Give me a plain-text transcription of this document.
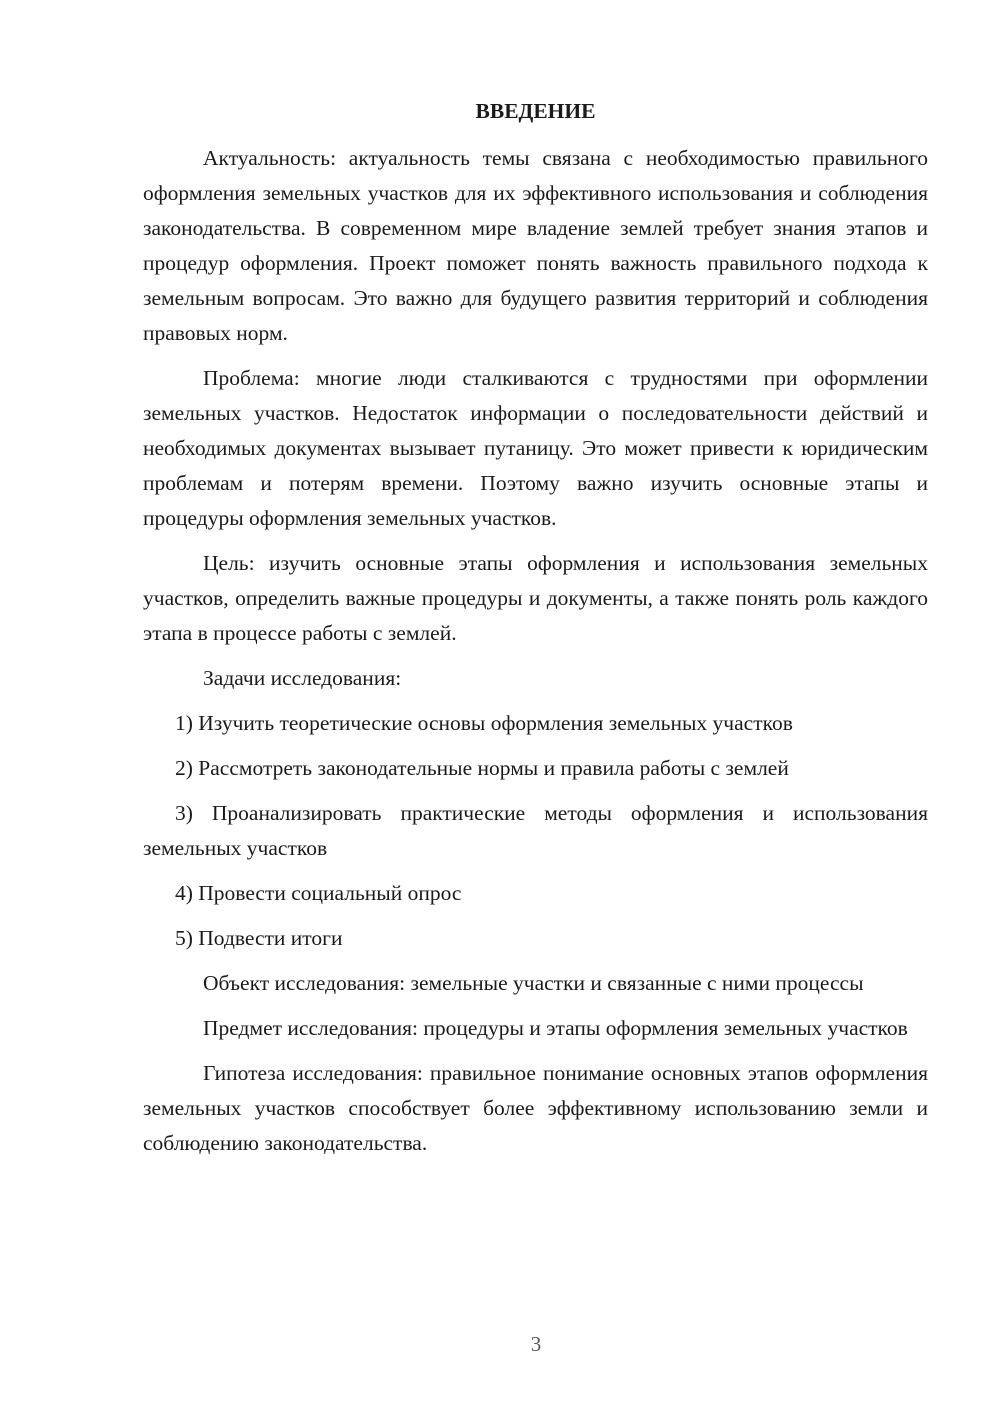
ВВЕДЕНИЕ

Актуальность: актуальность темы связана с необходимостью правильного оформления земельных участков для их эффективного использования и соблюдения законодательства. В современном мире владение землей требует знания этапов и процедур оформления. Проект поможет понять важность правильного подхода к земельным вопросам. Это важно для будущего развития территорий и соблюдения правовых норм.

Проблема: многие люди сталкиваются с трудностями при оформлении земельных участков. Недостаток информации о последовательности действий и необходимых документах вызывает путаницу. Это может привести к юридическим проблемам и потерям времени. Поэтому важно изучить основные этапы и процедуры оформления земельных участков.

Цель: изучить основные этапы оформления и использования земельных участков, определить важные процедуры и документы, а также понять роль каждого этапа в процессе работы с землей.

Задачи исследования:

1) Изучить теоретические основы оформления земельных участков

2) Рассмотреть законодательные нормы и правила работы с землей

3) Проанализировать практические методы оформления и использования земельных участков

4) Провести социальный опрос

5) Подвести итоги

Объект исследования: земельные участки и связанные с ними процессы

Предмет исследования: процедуры и этапы оформления земельных участков

Гипотеза исследования: правильное понимание основных этапов оформления земельных участков способствует более эффективному использованию земли и соблюдению законодательства.

3
